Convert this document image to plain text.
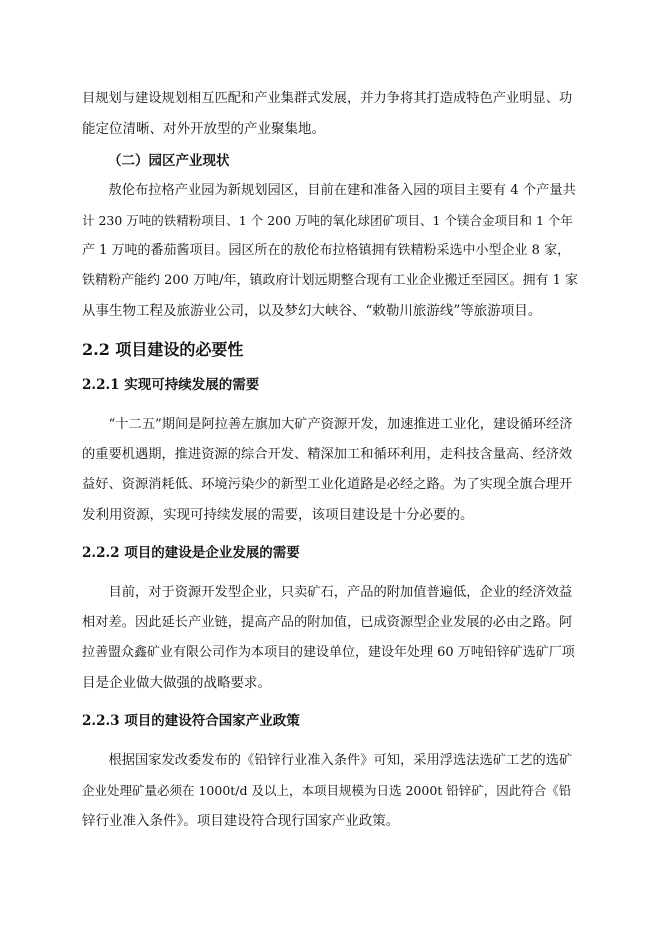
目规划与建设规划相互匹配和产业集群式发展，并力争将其打造成特色产业明显、功
能定位清晰、对外开放型的产业聚集地。
（二）园区产业现状
　　敖伦布拉格产业园为新规划园区，目前在建和准备入园的项目主要有 4 个产量共
计 230 万吨的铁精粉项目、1 个 200 万吨的氧化球团矿项目、1 个镁合金项目和 1 个年
产 1 万吨的番茄酱项目。园区所在的敖伦布拉格镇拥有铁精粉采选中小型企业 8 家，
铁精粉产能约 200 万吨/年，镇政府计划远期整合现有工业企业搬迁至园区。拥有 1 家
从事生物工程及旅游业公司，以及梦幻大峡谷、“敕勒川旅游线”等旅游项目。
2.2 项目建设的必要性
2.2.1 实现可持续发展的需要
　　“十二五”期间是阿拉善左旗加大矿产资源开发，加速推进工业化，建设循环经济
的重要机遇期，推进资源的综合开发、精深加工和循环利用，走科技含量高、经济效
益好、资源消耗低、环境污染少的新型工业化道路是必经之路。为了实现全旗合理开
发利用资源，实现可持续发展的需要，该项目建设是十分必要的。
2.2.2 项目的建设是企业发展的需要
　　目前，对于资源开发型企业，只卖矿石，产品的附加值普遍低，企业的经济效益
相对差。因此延长产业链，提高产品的附加值，已成资源型企业发展的必由之路。阿
拉善盟众鑫矿业有限公司作为本项目的建设单位，建设年处理 60 万吨铅锌矿选矿厂项
目是企业做大做强的战略要求。
2.2.3 项目的建设符合国家产业政策
　　根据国家发改委发布的《铅锌行业准入条件》可知，采用浮选法选矿工艺的选矿
企业处理矿量必须在 1000t/d 及以上，本项目规模为日选 2000t 铅锌矿，因此符合《铅
锌行业准入条件》。项目建设符合现行国家产业政策。
